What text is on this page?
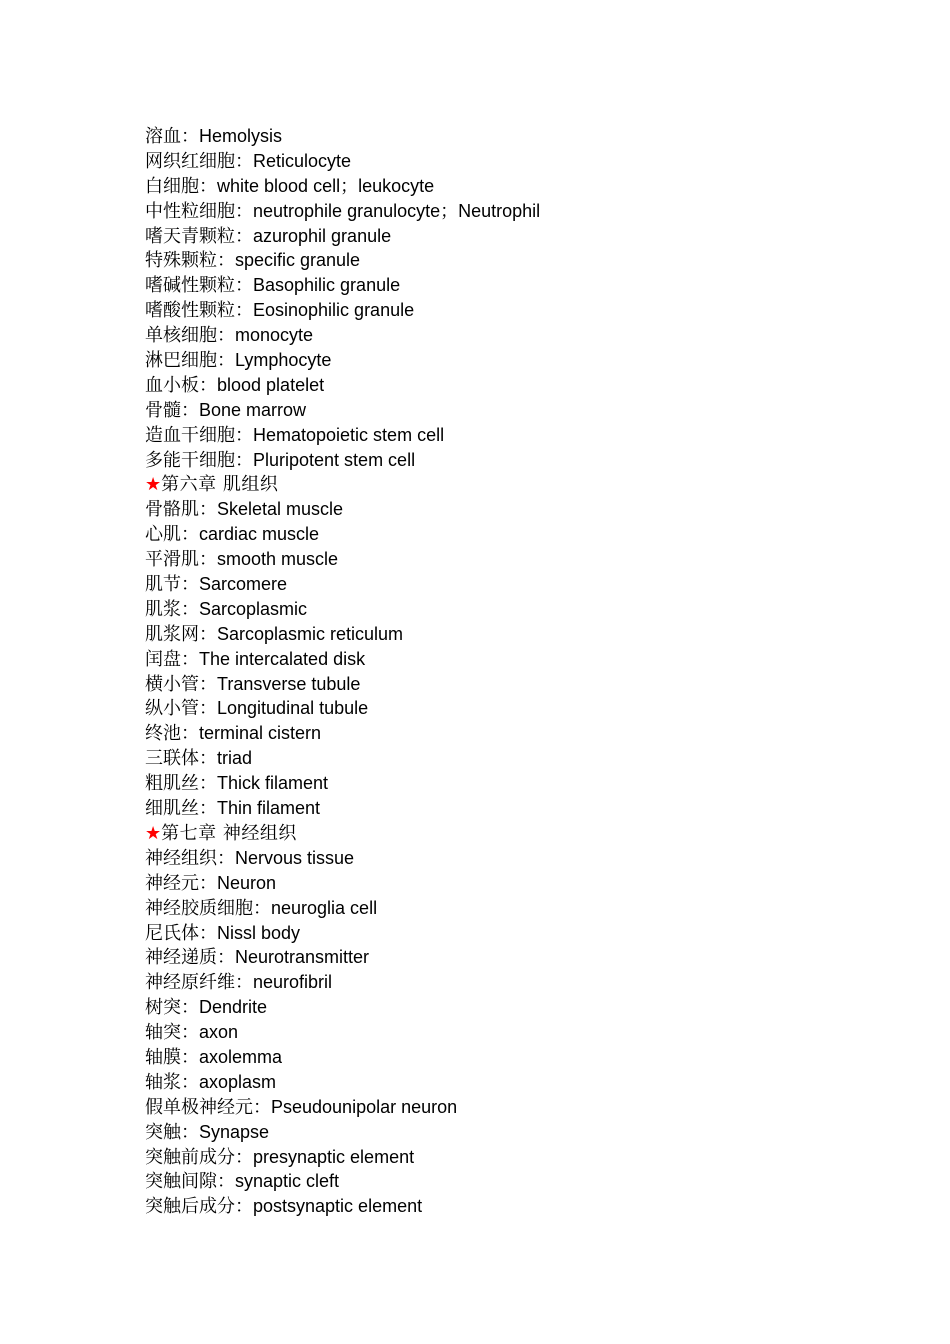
溶血：Hemolysis
网织红细胞：Reticulocyte
白细胞：white blood cell；leukocyte
中性粒细胞：neutrophile granulocyte；Neutrophil
嗜天青颗粒：azurophil granule
特殊颗粒：specific granule
嗜碱性颗粒：Basophilic granule
嗜酸性颗粒：Eosinophilic granule
单核细胞：monocyte
淋巴细胞：Lymphocyte
血小板：blood platelet
骨髓：Bone marrow
造血干细胞：Hematopoietic stem cell
多能干细胞：Pluripotent stem cell
★第六章 肌组织
骨骼肌：Skeletal muscle
心肌：cardiac muscle
平滑肌：smooth muscle
肌节：Sarcomere
肌浆：Sarcoplasmic
肌浆网：Sarcoplasmic reticulum
闰盘：The intercalated disk
横小管：Transverse tubule
纵小管：Longitudinal tubule
终池：terminal cistern
三联体：triad
粗肌丝：Thick filament
细肌丝：Thin filament
★第七章 神经组织
神经组织：Nervous tissue
神经元：Neuron
神经胶质细胞：neuroglia cell
尼氏体：Nissl body
神经递质：Neurotransmitter
神经原纤维：neurofibril
树突：Dendrite
轴突：axon
轴膜：axolemma
轴浆：axoplasm
假单极神经元：Pseudounipolar neuron
突触：Synapse
突触前成分：presynaptic element
突触间隙：synaptic cleft
突触后成分：postsynaptic element
